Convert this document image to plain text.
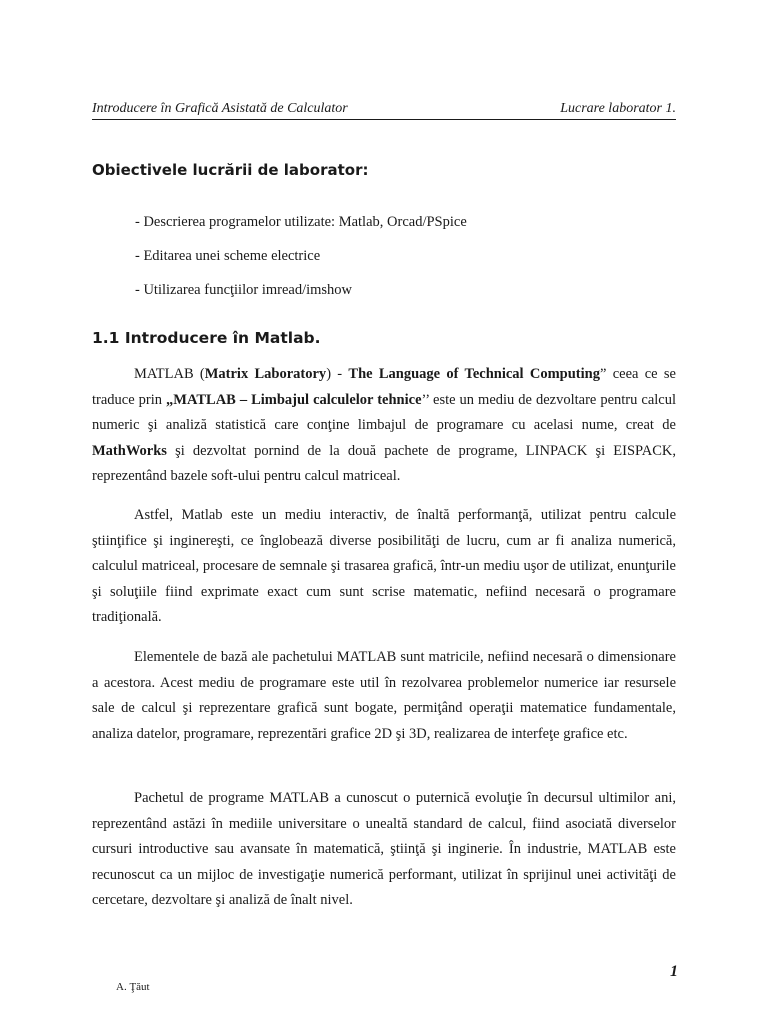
Introducere în Grafică Asistată de Calculator	Lucrare laborator 1.
Obiectivele lucrării de laborator:
- Descrierea programelor utilizate: Matlab, Orcad/PSpice
- Editarea unei scheme electrice
- Utilizarea funcţiilor imread/imshow
1.1 Introducere în Matlab.

MATLAB (Matrix Laboratory) - The Language of Technical Computing” ceea ce se traduce prin „MATLAB – Limbajul calculelor tehnice’’ este un mediu de dezvoltare pentru calcul numeric şi analiză statistică care conţine limbajul de programare cu acelasi nume, creat de MathWorks şi dezvoltat pornind de la două pachete de programe, LINPACK şi EISPACK, reprezentând bazele soft-ului pentru calcul matriceal.

Astfel, Matlab este un mediu interactiv, de înaltă performanţă, utilizat pentru calcule ştiinţifice şi inginereşti, ce înglobează diverse posibilităţi de lucru, cum ar fi analiza numerică, calculul matriceal, procesare de semnale şi trasarea grafică, într-un mediu uşor de utilizat, enunţurile şi soluţiile fiind exprimate exact cum sunt scrise matematic, nefiind necesară o programare tradiţională.

Elementele de bază ale pachetului MATLAB sunt matricile, nefiind necesară o dimensionare a acestora. Acest mediu de programare este util în rezolvarea problemelor numerice iar resursele sale de calcul şi reprezentare grafică sunt bogate, permiţând operaţii matematice fundamentale, analiza datelor, programare, reprezentări grafice 2D şi 3D, realizarea de interfeţe grafice etc.

Pachetul de programe MATLAB a cunoscut o puternică evoluţie în decursul ultimilor ani, reprezentând astăzi în mediile universitare o unealtă standard de calcul, fiind asociată diverselor cursuri introductive sau avansate în matematică, ştiinţă şi inginerie. În industrie, MATLAB este recunoscut ca un mijloc de investigaţie numerică performant, utilizat în sprijinul unei activităţi de cercetare, dezvoltare şi analiză de înalt nivel.

1
A. Ţăut
